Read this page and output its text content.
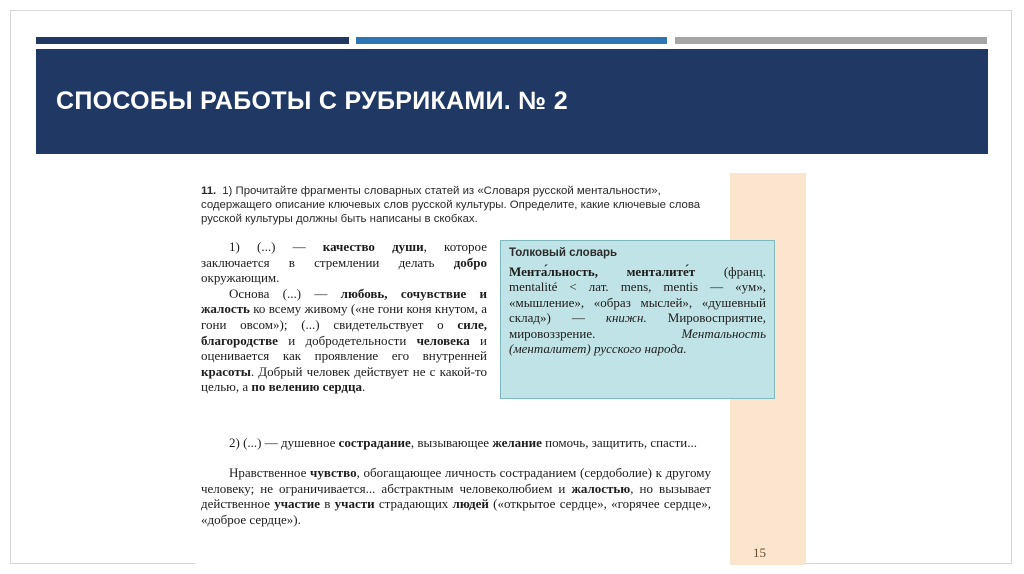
СПОСОБЫ РАБОТЫ С РУБРИКАМИ. № 2
15
11. 1) Прочитайте фрагменты словарных статей из «Словаря русской ментальности», содержащего описание ключевых слов русской культуры. Определите, какие ключевые слова русской культуры должны быть написаны в скобках.

1) (...) — качество души, которое заключается в стремлении делать добро окружающим.

Основа (...) — любовь, сочувствие и жалость ко всему живому («не гони коня кнутом, а гони овсом»); (...) свидетельствует о силе, благородстве и добродетельности человека и оценивается как проявление его внутренней красоты. Добрый человек действует не с какой-то целью, а по велению сердца.

Толковый словарь
Мента́льность, менталите́т (франц. mentalité < лат. mens, mentis — «ум», «мышление», «образ мыслей», «душевный склад») — книжн. Мировосприятие, мировоззрение. Ментальность (менталитет) русского народа.

2) (...) — душевное сострадание, вызывающее желание помочь, защитить, спасти...

Нравственное чувство, обогащающее личность состраданием (сердоболие) к другому человеку; не ограничивается... абстрактным человеколюбием и жалостью, но вызывает действенное участие в участи страдающих людей («открытое сердце», «горячее сердце», «доброе сердце»).
